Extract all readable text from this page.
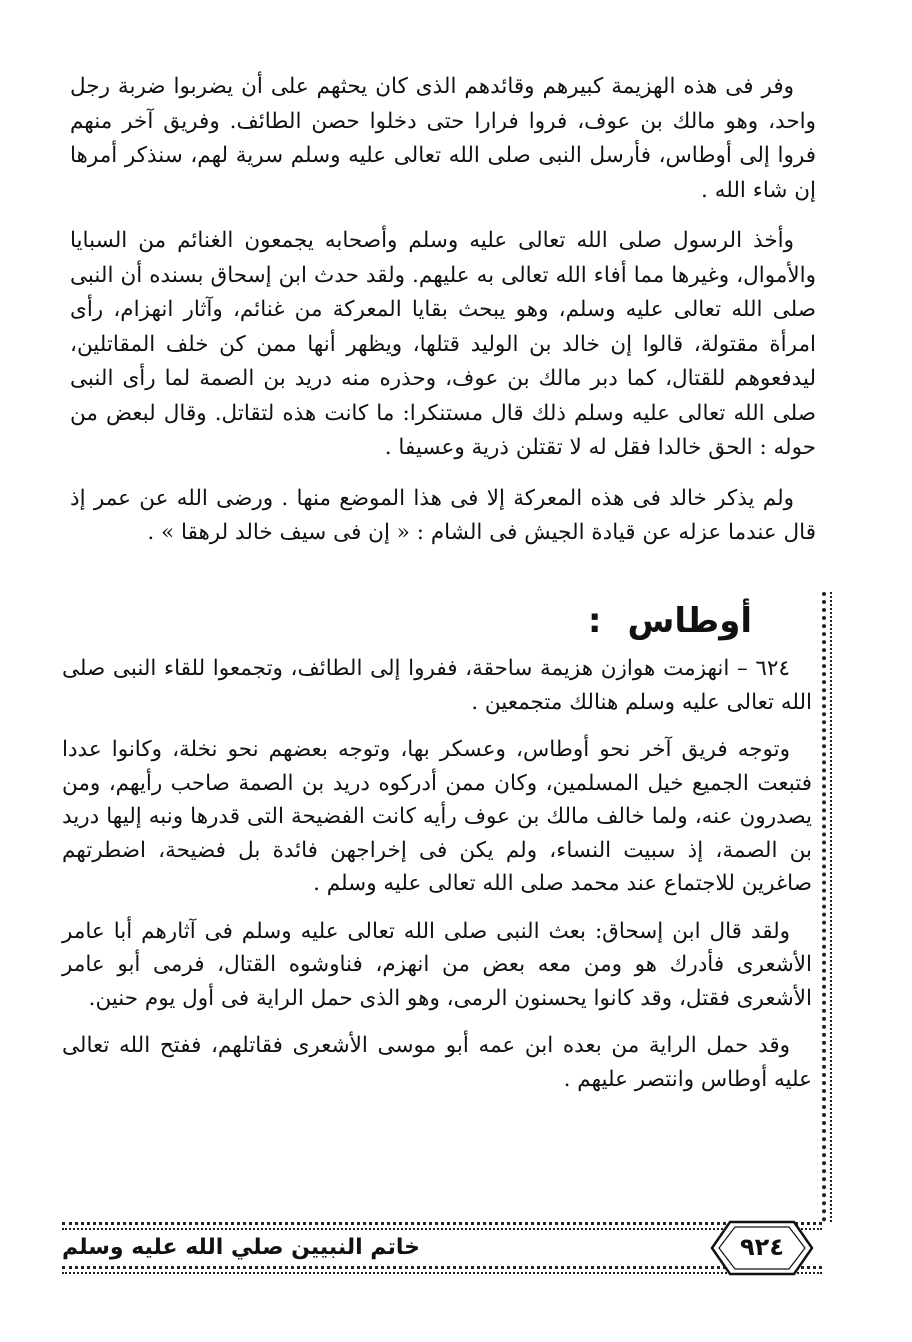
وفر فى هذه الهزيمة كبيرهم وقائدهم الذى كان يحثهم على أن يضربوا ضربة رجل واحد، وهو مالك بن عوف، فروا فرارا حتى دخلوا حصن الطائف. وفريق آخر منهم فروا إلى أوطاس، فأرسل النبى صلى الله تعالى عليه وسلم سرية لهم، سنذكر أمرها إن شاء الله .

وأخذ الرسول صلى الله تعالى عليه وسلم وأصحابه يجمعون الغنائم من السبايا والأموال، وغيرها مما أفاء الله تعالى به عليهم. ولقد حدث ابن إسحاق بسنده أن النبى صلى الله تعالى عليه وسلم، وهو يبحث بقايا المعركة من غنائم، وآثار انهزام، رأى امرأة مقتولة، قالوا إن خالد بن الوليد قتلها، ويظهر أنها ممن كن خلف المقاتلين، ليدفعوهم للقتال، كما دبر مالك بن عوف، وحذره منه دريد بن الصمة لما رأى النبى صلى الله تعالى عليه وسلم ذلك قال مستنكرا: ما كانت هذه لتقاتل. وقال لبعض من حوله : الحق خالدا فقل له لا تقتلن ذرية وعسيفا .

ولم يذكر خالد فى هذه المعركة إلا فى هذا الموضع منها . ورضى الله عن عمر إذ قال عندما عزله عن قيادة الجيش فى الشام : « إن فى سيف خالد لرهقا » .

أوطاس:

٦٢٤ – انهزمت هوازن هزيمة ساحقة، ففروا إلى الطائف، وتجمعوا للقاء النبى صلى الله تعالى عليه وسلم هنالك متجمعين .

وتوجه فريق آخر نحو أوطاس، وعسكر بها، وتوجه بعضهم نحو نخلة، وكانوا عددا فتبعت الجميع خيل المسلمين، وكان ممن أدركوه دريد بن الصمة صاحب رأيهم، ومن يصدرون عنه، ولما خالف مالك بن عوف رأيه كانت الفضيحة التى قدرها ونبه إليها دريد بن الصمة، إذ سبيت النساء، ولم يكن فى إخراجهن فائدة بل فضيحة، اضطرتهم صاغرين للاجتماع عند محمد صلى الله تعالى عليه وسلم .

ولقد قال ابن إسحاق: بعث النبى صلى الله تعالى عليه وسلم فى آثارهم أبا عامر الأشعرى فأدرك هو ومن معه بعض من انهزم، فناوشوه القتال، فرمى أبو عامر الأشعرى فقتل، وقد كانوا يحسنون الرمى، وهو الذى حمل الراية فى أول يوم حنين.

وقد حمل الراية من بعده ابن عمه أبو موسى الأشعرى فقاتلهم، ففتح الله تعالى عليه أوطاس وانتصر عليهم .

خاتم النبيين صلي الله عليه وسلم	٩٢٤
